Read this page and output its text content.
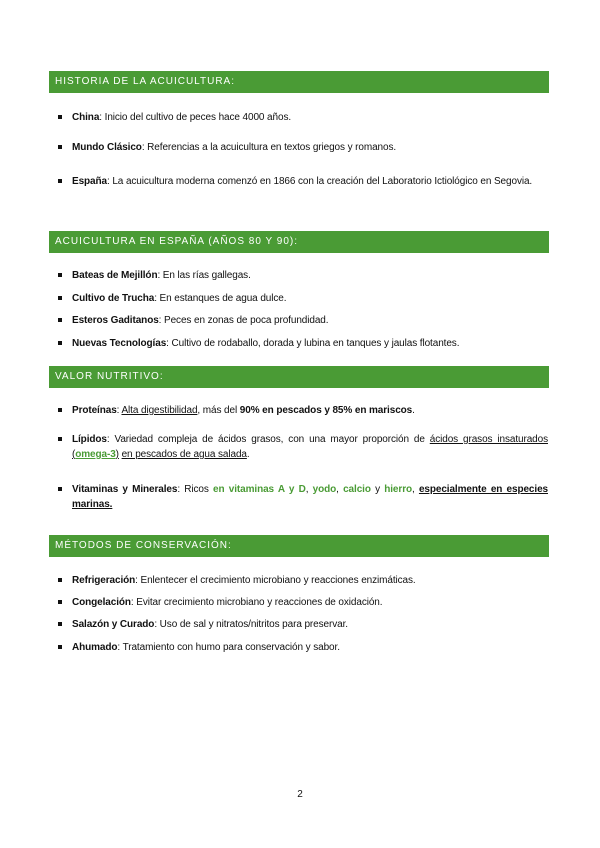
HISTORIA DE LA ACUICULTURA:
China: Inicio del cultivo de peces hace 4000 años.
Mundo Clásico: Referencias a la acuicultura en textos griegos y romanos.
España: La acuicultura moderna comenzó en 1866 con la creación del Laboratorio Ictiológico en Segovia.
ACUICULTURA EN ESPAÑA (AÑOS 80 Y 90):
Bateas de Mejillón: En las rías gallegas.
Cultivo de Trucha: En estanques de agua dulce.
Esteros Gaditanos: Peces en zonas de poca profundidad.
Nuevas Tecnologías: Cultivo de rodaballo, dorada y lubina en tanques y jaulas flotantes.
VALOR NUTRITIVO:
Proteínas: Alta digestibilidad, más del 90% en pescados y 85% en mariscos.
Lípidos: Variedad compleja de ácidos grasos, con una mayor proporción de ácidos grasos insaturados (omega-3) en pescados de agua salada.
Vitaminas y Minerales: Ricos en vitaminas A y D, yodo, calcio y hierro, especialmente en especies marinas.
MÉTODOS DE CONSERVACIÓN:
Refrigeración: Enlentecer el crecimiento microbiano y reacciones enzimáticas.
Congelación: Evitar crecimiento microbiano y reacciones de oxidación.
Salazón y Curado: Uso de sal y nitratos/nitritos para preservar.
Ahumado: Tratamiento con humo para conservación y sabor.
2
